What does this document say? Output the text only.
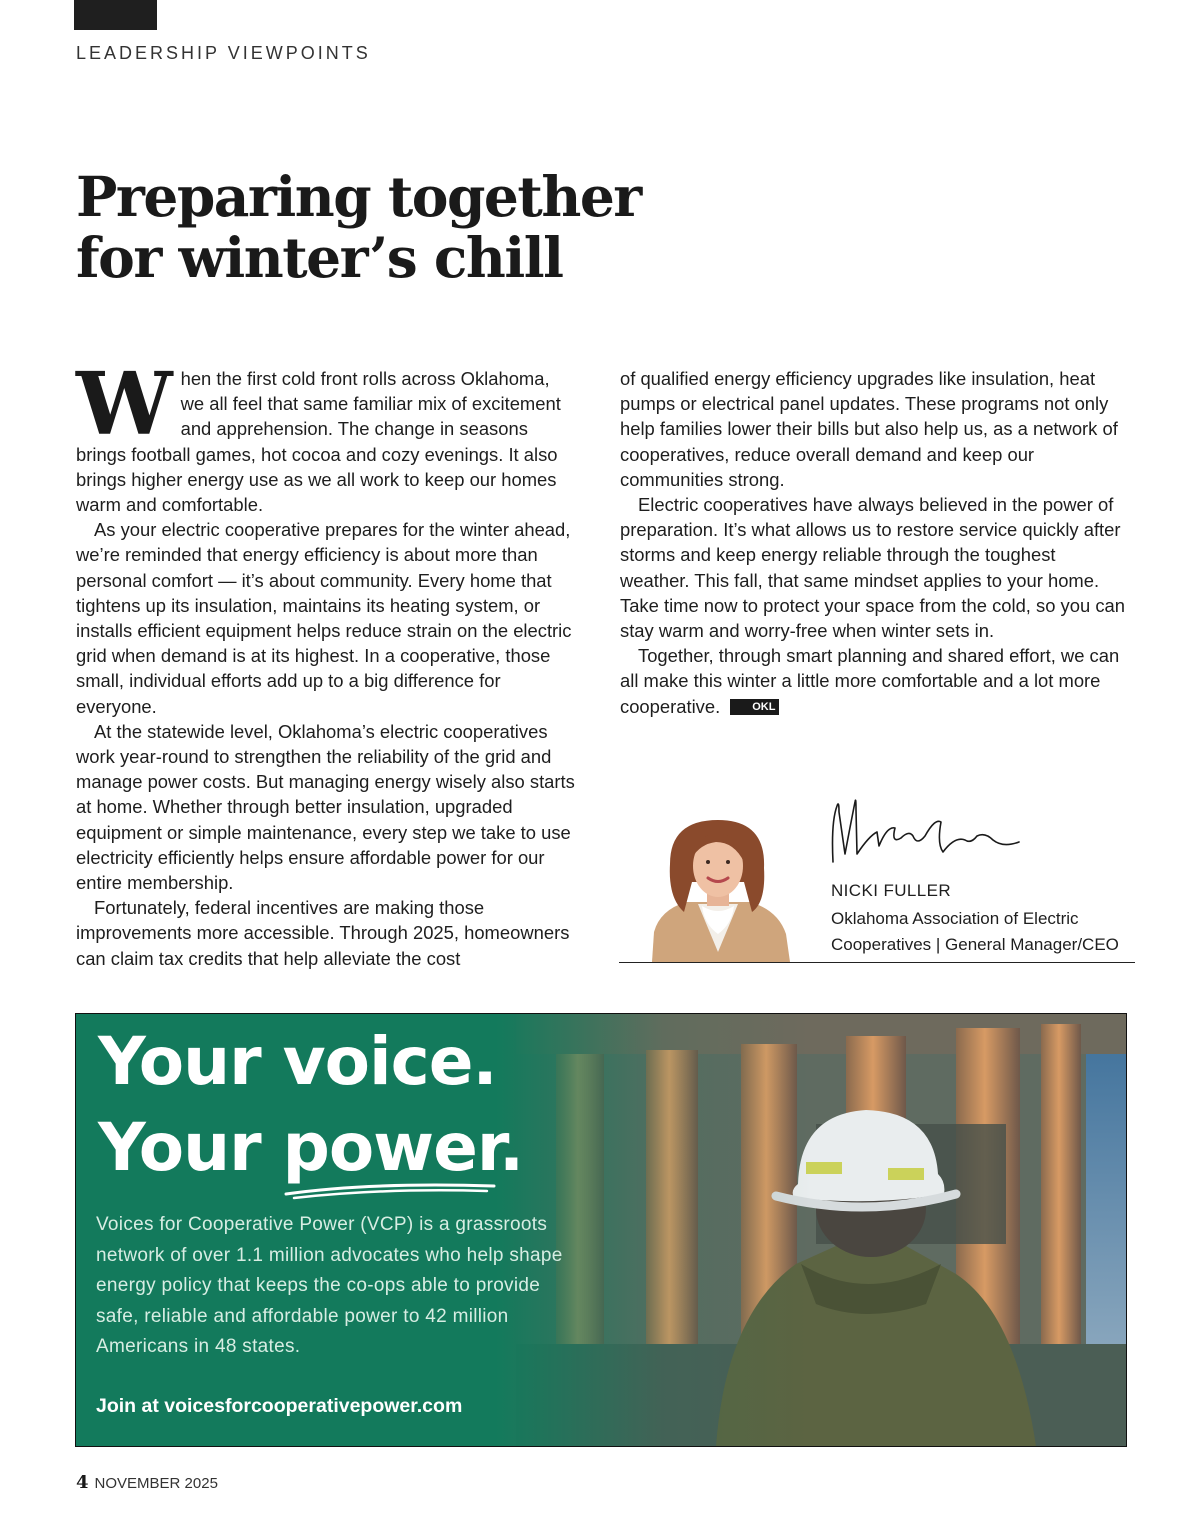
LEADERSHIP VIEWPOINTS
Preparing together
for winter’s chill

When the first cold front rolls across Oklahoma, we all feel that same familiar mix of excitement and apprehension. The change in seasons brings football games, hot cocoa and cozy evenings. It also brings higher energy use as we all work to keep our homes warm and comfortable.

As your electric cooperative prepares for the winter ahead, we’re reminded that energy efficiency is about more than personal comfort — it’s about community. Every home that tightens up its insulation, maintains its heating system, or installs efficient equipment helps reduce strain on the electric grid when demand is at its highest. In a cooperative, those small, individual efforts add up to a big difference for everyone.

At the statewide level, Oklahoma’s electric cooperatives work year-round to strengthen the reliability of the grid and manage power costs. But managing energy wisely also starts at home. Whether through better insulation, upgraded equipment or simple maintenance, every step we take to use electricity efficiently helps ensure affordable power for our entire membership.

Fortunately, federal incentives are making those improvements more accessible. Through 2025, homeowners can claim tax credits that help alleviate the cost

of qualified energy efficiency upgrades like insulation, heat pumps or electrical panel updates. These programs not only help families lower their bills but also help us, as a network of cooperatives, reduce overall demand and keep our communities strong.

Electric cooperatives have always believed in the power of preparation. It’s what allows us to restore service quickly after storms and keep energy reliable through the toughest weather. This fall, that same mindset applies to your home. Take time now to protect your space from the cold, so you can stay warm and worry-free when winter sets in.

Together, through smart planning and shared effort, we can all make this winter a little more comfortable and a lot more cooperative.	OKL

NICKI FULLER
Oklahoma Association of Electric
Cooperatives | General Manager/CEO
Your voice.
Your power.
Voices for Cooperative Power (VCP) is a grassroots network of over 1.1 million advocates who help shape energy policy that keeps the co-ops able to provide safe, reliable and affordable power to 42 million Americans in 48 states.
Join at voicesforcooperativepower.com
4 NOVEMBER 2025
